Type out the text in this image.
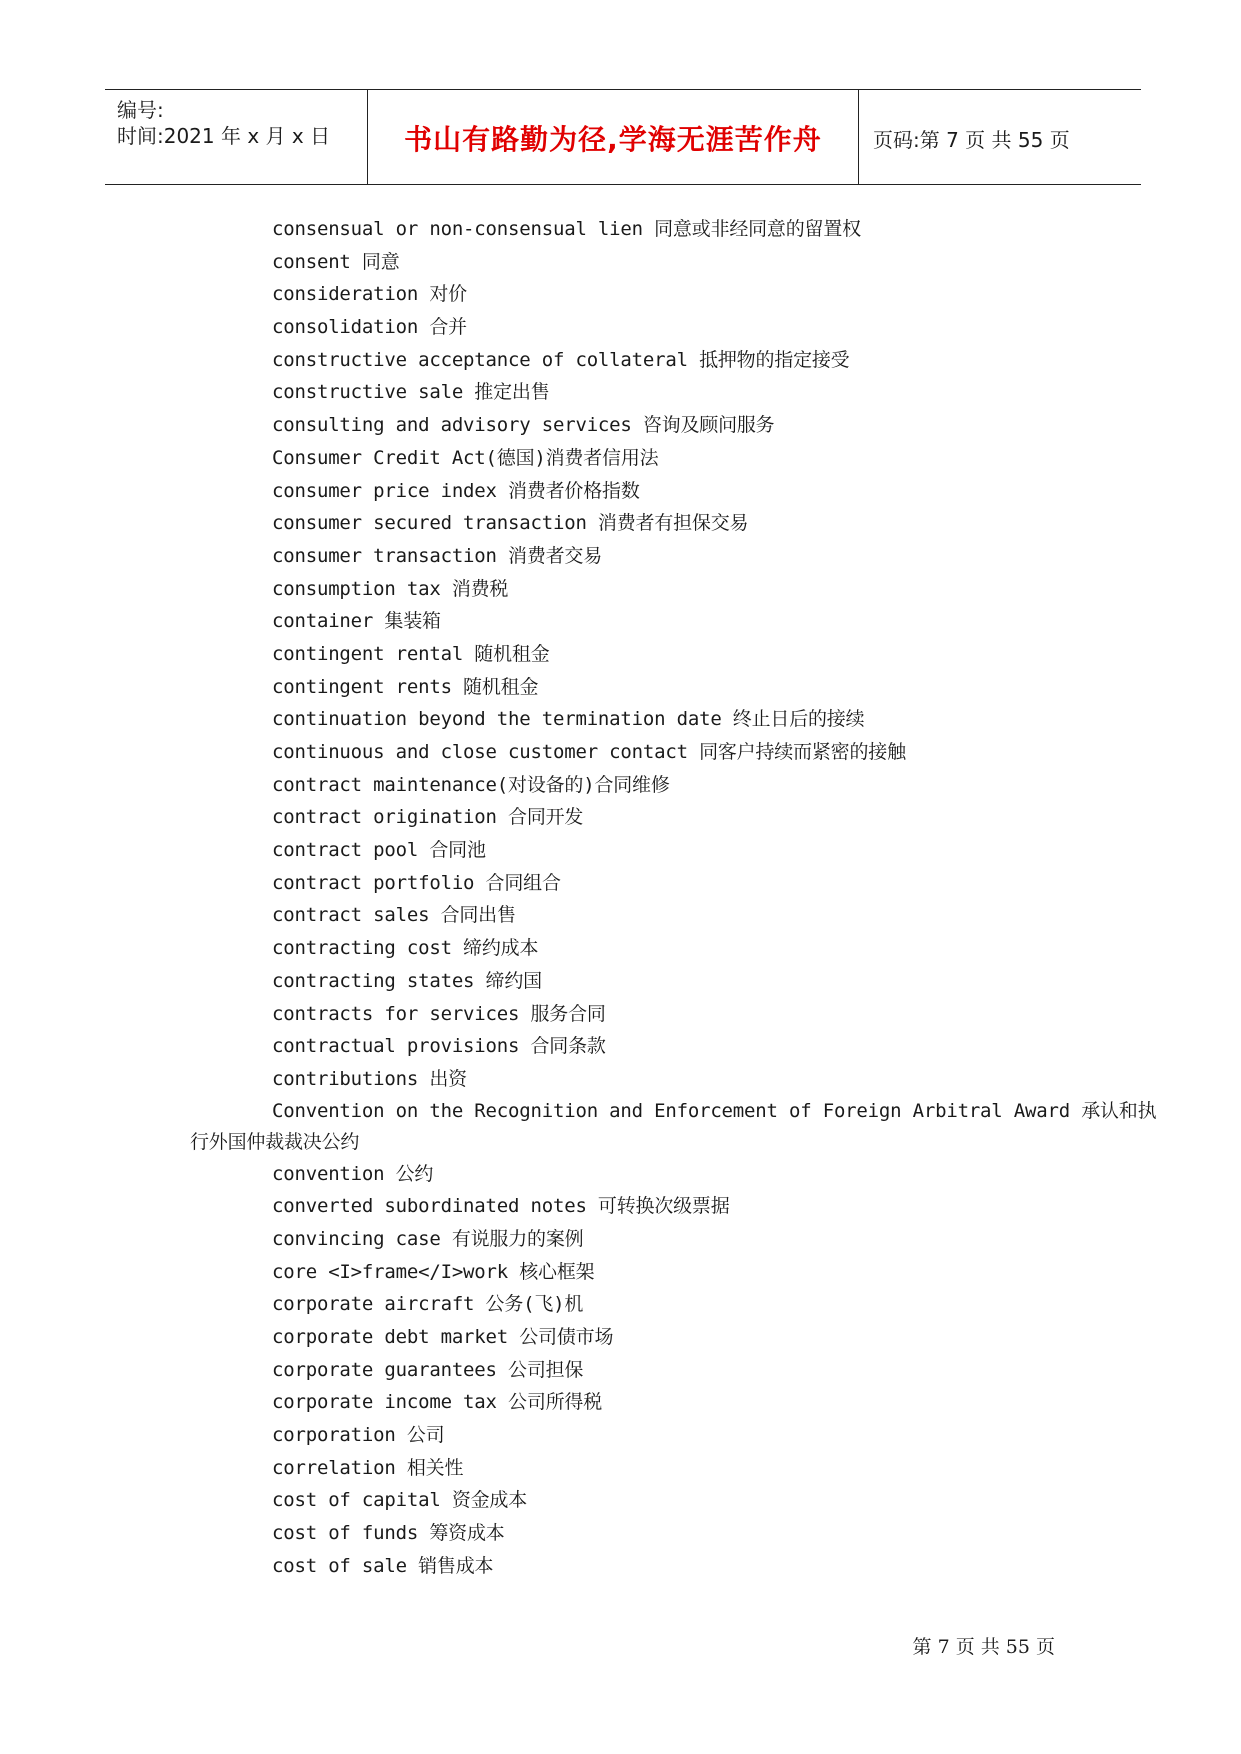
编号:
时间:2021 年 x 月 x 日	书山有路勤为径,学海无涯苦作舟	页码:第 7 页 共 55 页
consensual or non-consensual lien 同意或非经同意的留置权
consent 同意
consideration 对价
consolidation 合并
constructive acceptance of collateral 抵押物的指定接受
constructive sale 推定出售
consulting and advisory services 咨询及顾问服务
Consumer Credit Act(德国)消费者信用法
consumer price index 消费者价格指数
consumer secured transaction 消费者有担保交易
consumer transaction 消费者交易
consumption tax 消费税
container 集装箱
contingent rental 随机租金
contingent rents 随机租金
continuation beyond the termination date 终止日后的接续
continuous and close customer contact 同客户持续而紧密的接触
contract maintenance(对设备的)合同维修
contract origination 合同开发
contract pool 合同池
contract portfolio 合同组合
contract sales 合同出售
contracting cost 缔约成本
contracting states 缔约国
contracts for services 服务合同
contractual provisions 合同条款
contributions 出资
Convention on the Recognition and Enforcement of Foreign Arbitral Award 承认和执
行外国仲裁裁决公约
convention 公约
converted subordinated notes 可转换次级票据
convincing case 有说服力的案例
core <I>frame</I>work 核心框架
corporate aircraft 公务(飞)机
corporate debt market 公司债市场
corporate guarantees 公司担保
corporate income tax 公司所得税
corporation 公司
correlation 相关性
cost of capital 资金成本
cost of funds 筹资成本
cost of sale 销售成本
第 7 页 共 55 页
